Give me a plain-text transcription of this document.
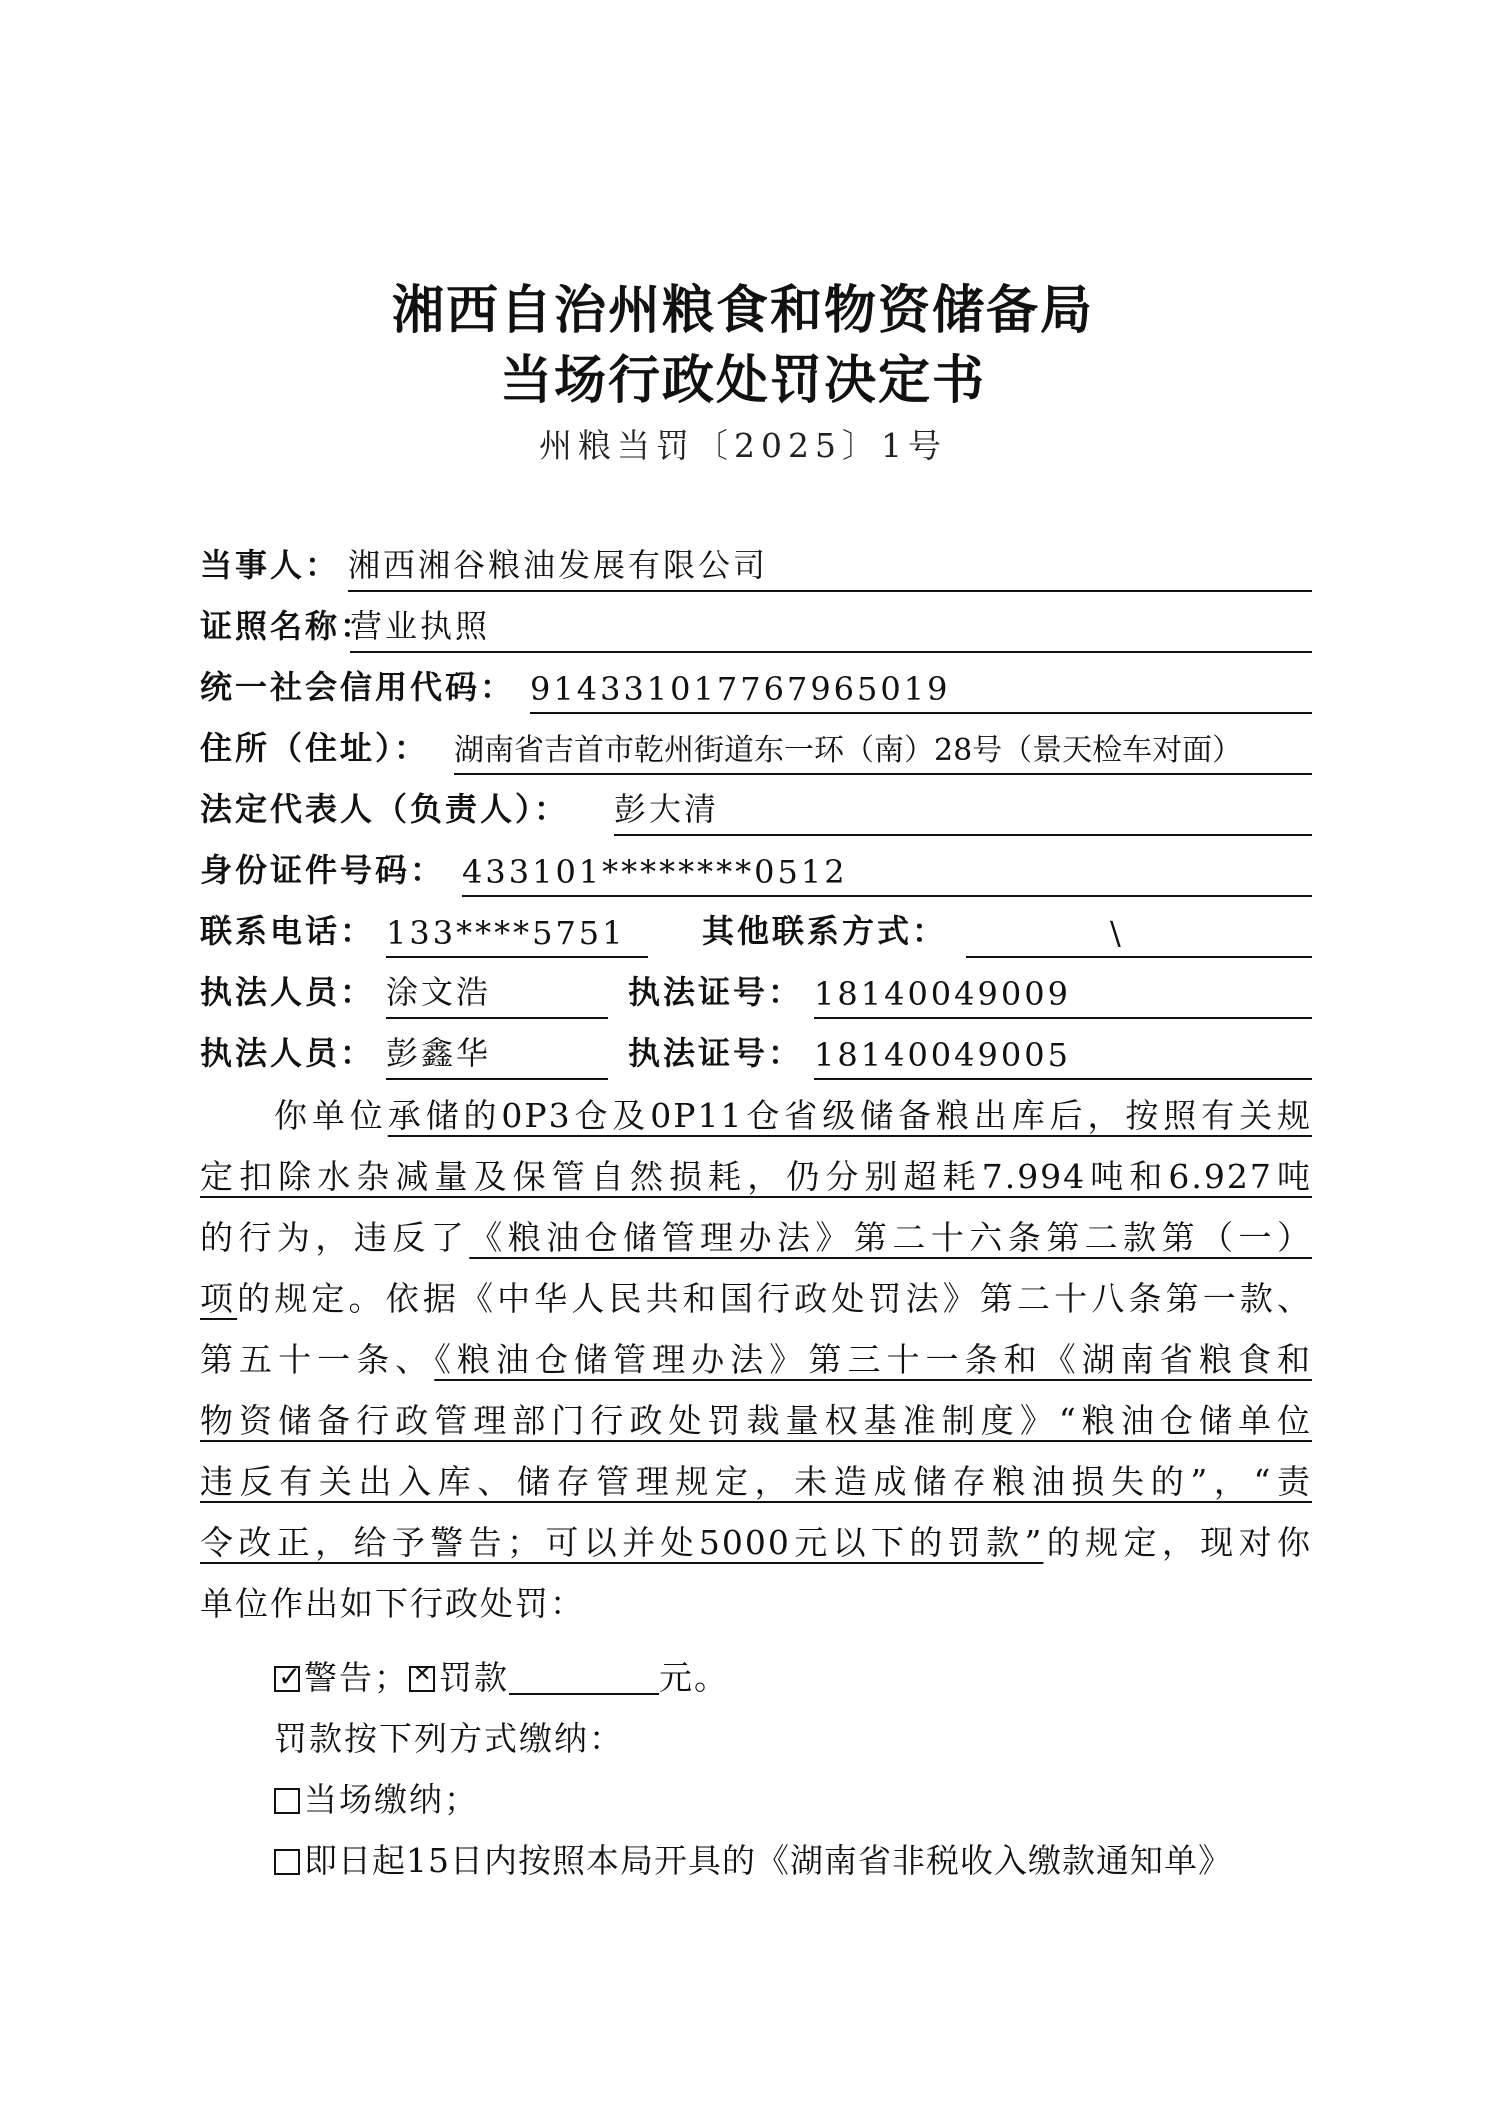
湘西自治州粮食和物资储备局
当场行政处罚决定书
州粮当罚〔2025〕1号
当事人： 湘西湘谷粮油发展有限公司
证照名称：
营业执照
统一社会信用代码： 914331017767965019
住所（住址）： 湖南省吉首市乾州街道东一环（南）28号（景天检车对面）
法定代表人（负责人）： 彭大清
身份证件号码： 433101********0512
联系电话： 133****5751 其他联系方式：	\
执法人员： 涂文浩	执法证号： 18140049009
执法人员： 彭鑫华	执法证号： 18140049005
你单位承储的0P3仓及0P11仓省级储备粮出库后，按照有关规
定扣除水杂减量及保管自然损耗，仍分别超耗7.994吨和6.927吨
的行为，违反了《粮油仓储管理办法》第二十六条第二款第（一）
项的规定。依据《中华人民共和国行政处罚法》第二十八条第一款、
第五十一条、《粮油仓储管理办法》第三十一条和《湖南省粮食和
物资储备行政管理部门行政处罚裁量权基准制度》“粮油仓储单位
违反有关出入库、储存管理规定，未造成储存粮油损失的”，“责
令改正，给予警告；可以并处5000元以下的罚款”的规定，现对你
单位作出如下行政处罚：
✓警告；✕ 罚款	元。
罚款按下列方式缴纳：
当场缴纳；
即日起15日内按照本局开具的《湖南省非税收入缴款通知单》
